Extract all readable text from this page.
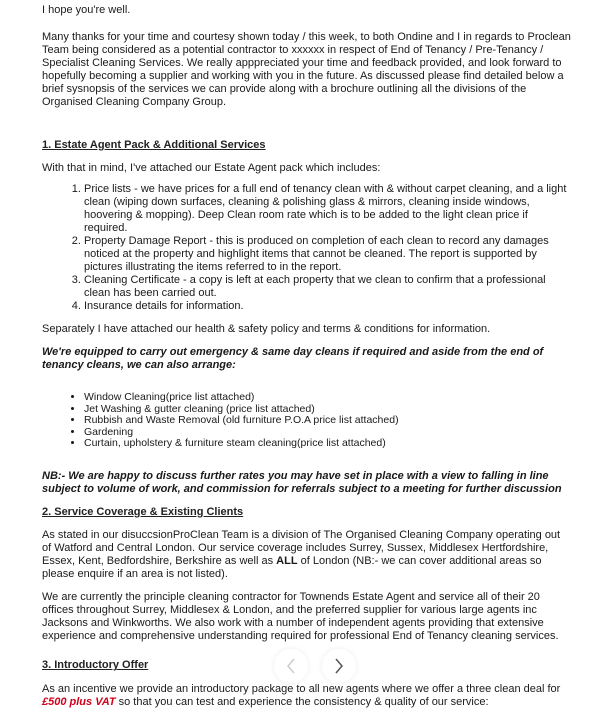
I hope you're well.

Many thanks for your time and courtesy shown today / this week, to both Ondine and I in regards to Proclean Team being considered as a potential contractor to xxxxxx in respect of End of Tenancy / Pre-Tenancy / Specialist Cleaning Services. We really apppreciated your time and feedback provided, and look forward to hopefully becoming a supplier and working with you in the future. As discussed please find detailed below a brief sysnopsis of the services we can provide along with a brochure outlining all the divisions of the Organised Cleaning Company Group.

1. Estate Agent Pack & Additional Services
With that in mind, I've attached our Estate Agent pack which includes:
1. Price lists - we have prices for a full end of tenancy clean with & without carpet cleaning, and a light clean (wiping down surfaces, cleaning & polishing glass & mirrors, cleaning inside windows, hoovering & mopping). Deep Clean room rate which is to be added to the light clean price if required.
2. Property Damage Report - this is produced on completion of each clean to record any damages noticed at the property and highlight items that cannot be cleaned. The report is supported by pictures illustrating the items referred to in the report.
3. Cleaning Certificate - a copy is left at each property that we clean to confirm that a professional clean has been carried out.
4. Insurance details for information.
Separately I have attached our health & safety policy and terms & conditions for information.
We're equipped to carry out emergency & same day cleans if required and aside from the end of tenancy cleans, we can also arrange:
• Window Cleaning(price list attached)
• Jet Washing & gutter cleaning (price list attached)
• Rubbish and Waste Removal (old furniture P.O.A price list attached)
• Gardening
• Curtain, upholstery & furniture steam cleaning(price list attached)
NB:- We are happy to discuss further rates you may have set in place with a view to falling in line subject to volume of work, and commission for referrals subject to a meeting for further discussion
2. Service Coverage & Existing Clients

As stated in our disuccsionProClean Team is a division of The Organised Cleaning Company operating out of Watford and Central London. Our service coverage includes Surrey, Sussex, Middlesex Hertfordshire, Essex, Kent, Bedfordshire, Berkshire as well as ALL of London (NB:- we can cover additional areas so please enquire if an area is not listed).

We are currently the principle cleaning contractor for Townends Estate Agent and service all of their 20 offices throughout Surrey, Middlesex & London, and the preferred supplier for various large agents inc Jacksons and Winkworths. We also work with a number of independent agents providing that extensive experience and comprehensive understanding required for professional End of Tenancy cleaning services.

3. Introductory Offer

As an incentive we provide an introductory package to all new agents where we offer a three clean deal for £500 plus VAT so that you can test and experience the consistency & quality of our service:
